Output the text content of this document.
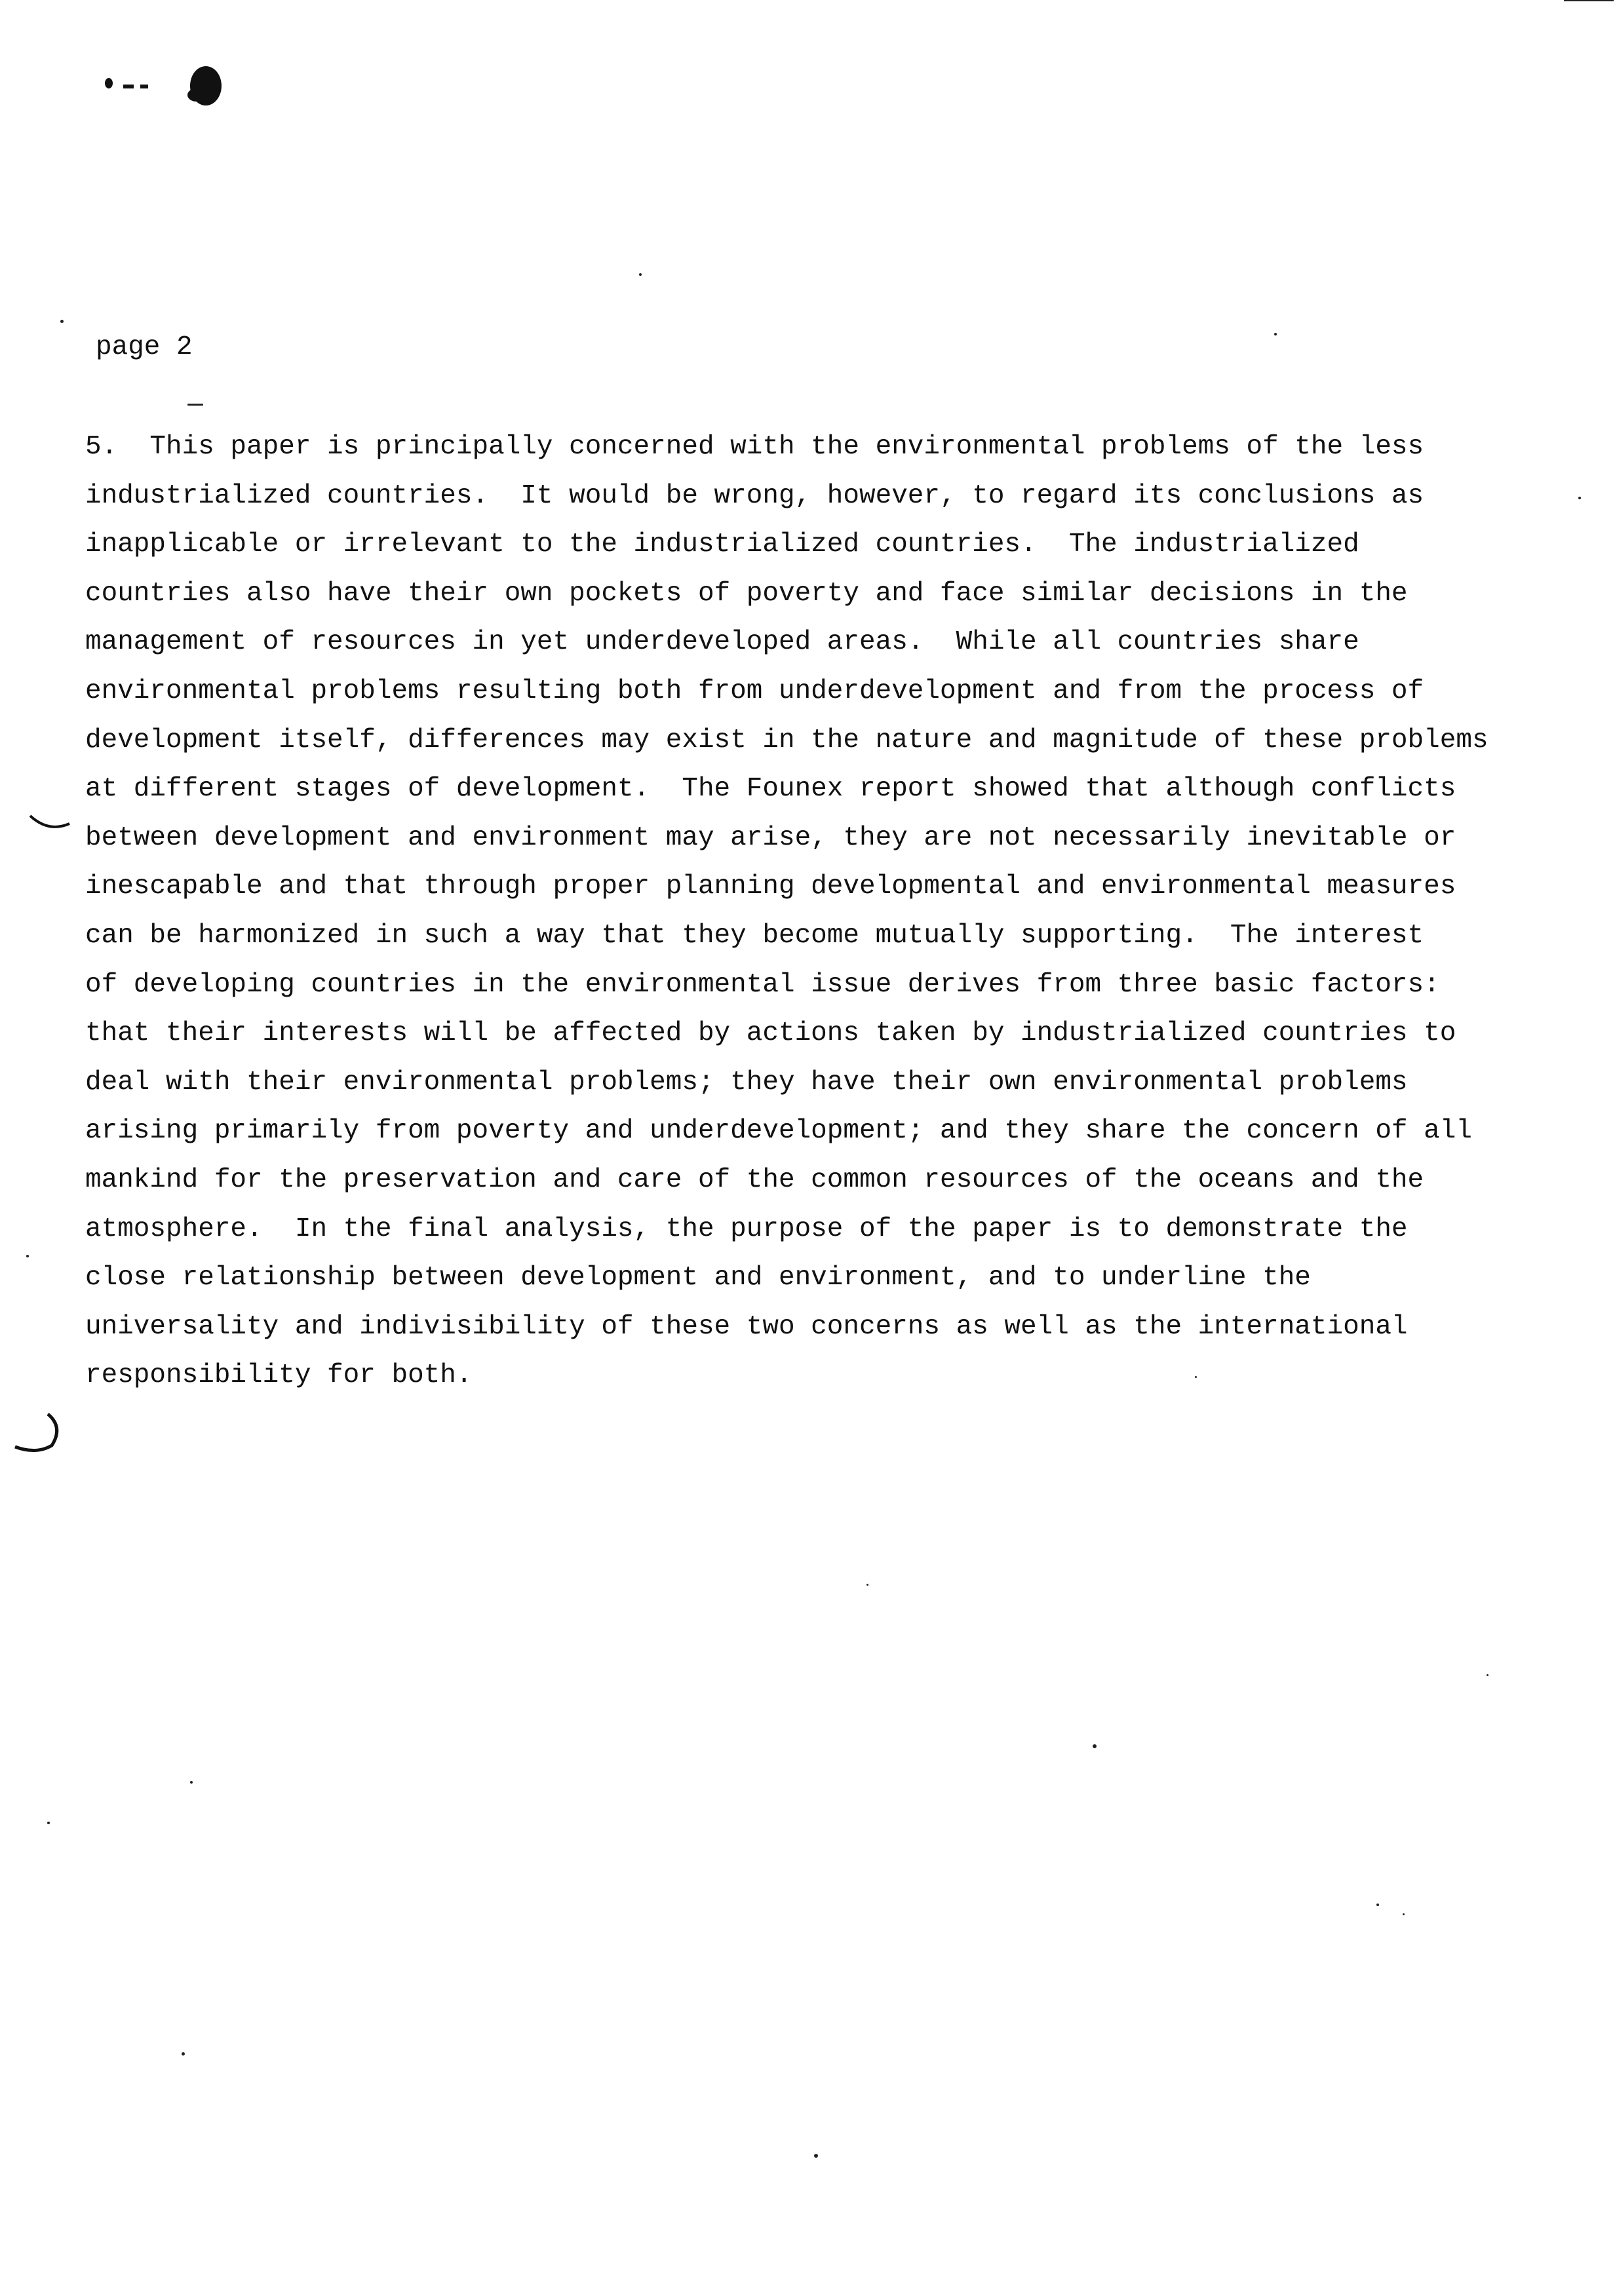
page 2

5.  This paper is principally concerned with the environmental problems of the less
industrialized countries.  It would be wrong, however, to regard its conclusions as
inapplicable or irrelevant to the industrialized countries.  The industrialized
countries also have their own pockets of poverty and face similar decisions in the
management of resources in yet underdeveloped areas.  While all countries share
environmental problems resulting both from underdevelopment and from the process of
development itself, differences may exist in the nature and magnitude of these problems
at different stages of development.  The Founex report showed that although conflicts
between development and environment may arise, they are not necessarily inevitable or
inescapable and that through proper planning developmental and environmental measures
can be harmonized in such a way that they become mutually supporting.  The interest
of developing countries in the environmental issue derives from three basic factors:
that their interests will be affected by actions taken by industrialized countries to
deal with their environmental problems; they have their own environmental problems
arising primarily from poverty and underdevelopment; and they share the concern of all
mankind for the preservation and care of the common resources of the oceans and the
atmosphere.  In the final analysis, the purpose of the paper is to demonstrate the
close relationship between development and environment, and to underline the
universality and indivisibility of these two concerns as well as the international
responsibility for both.
